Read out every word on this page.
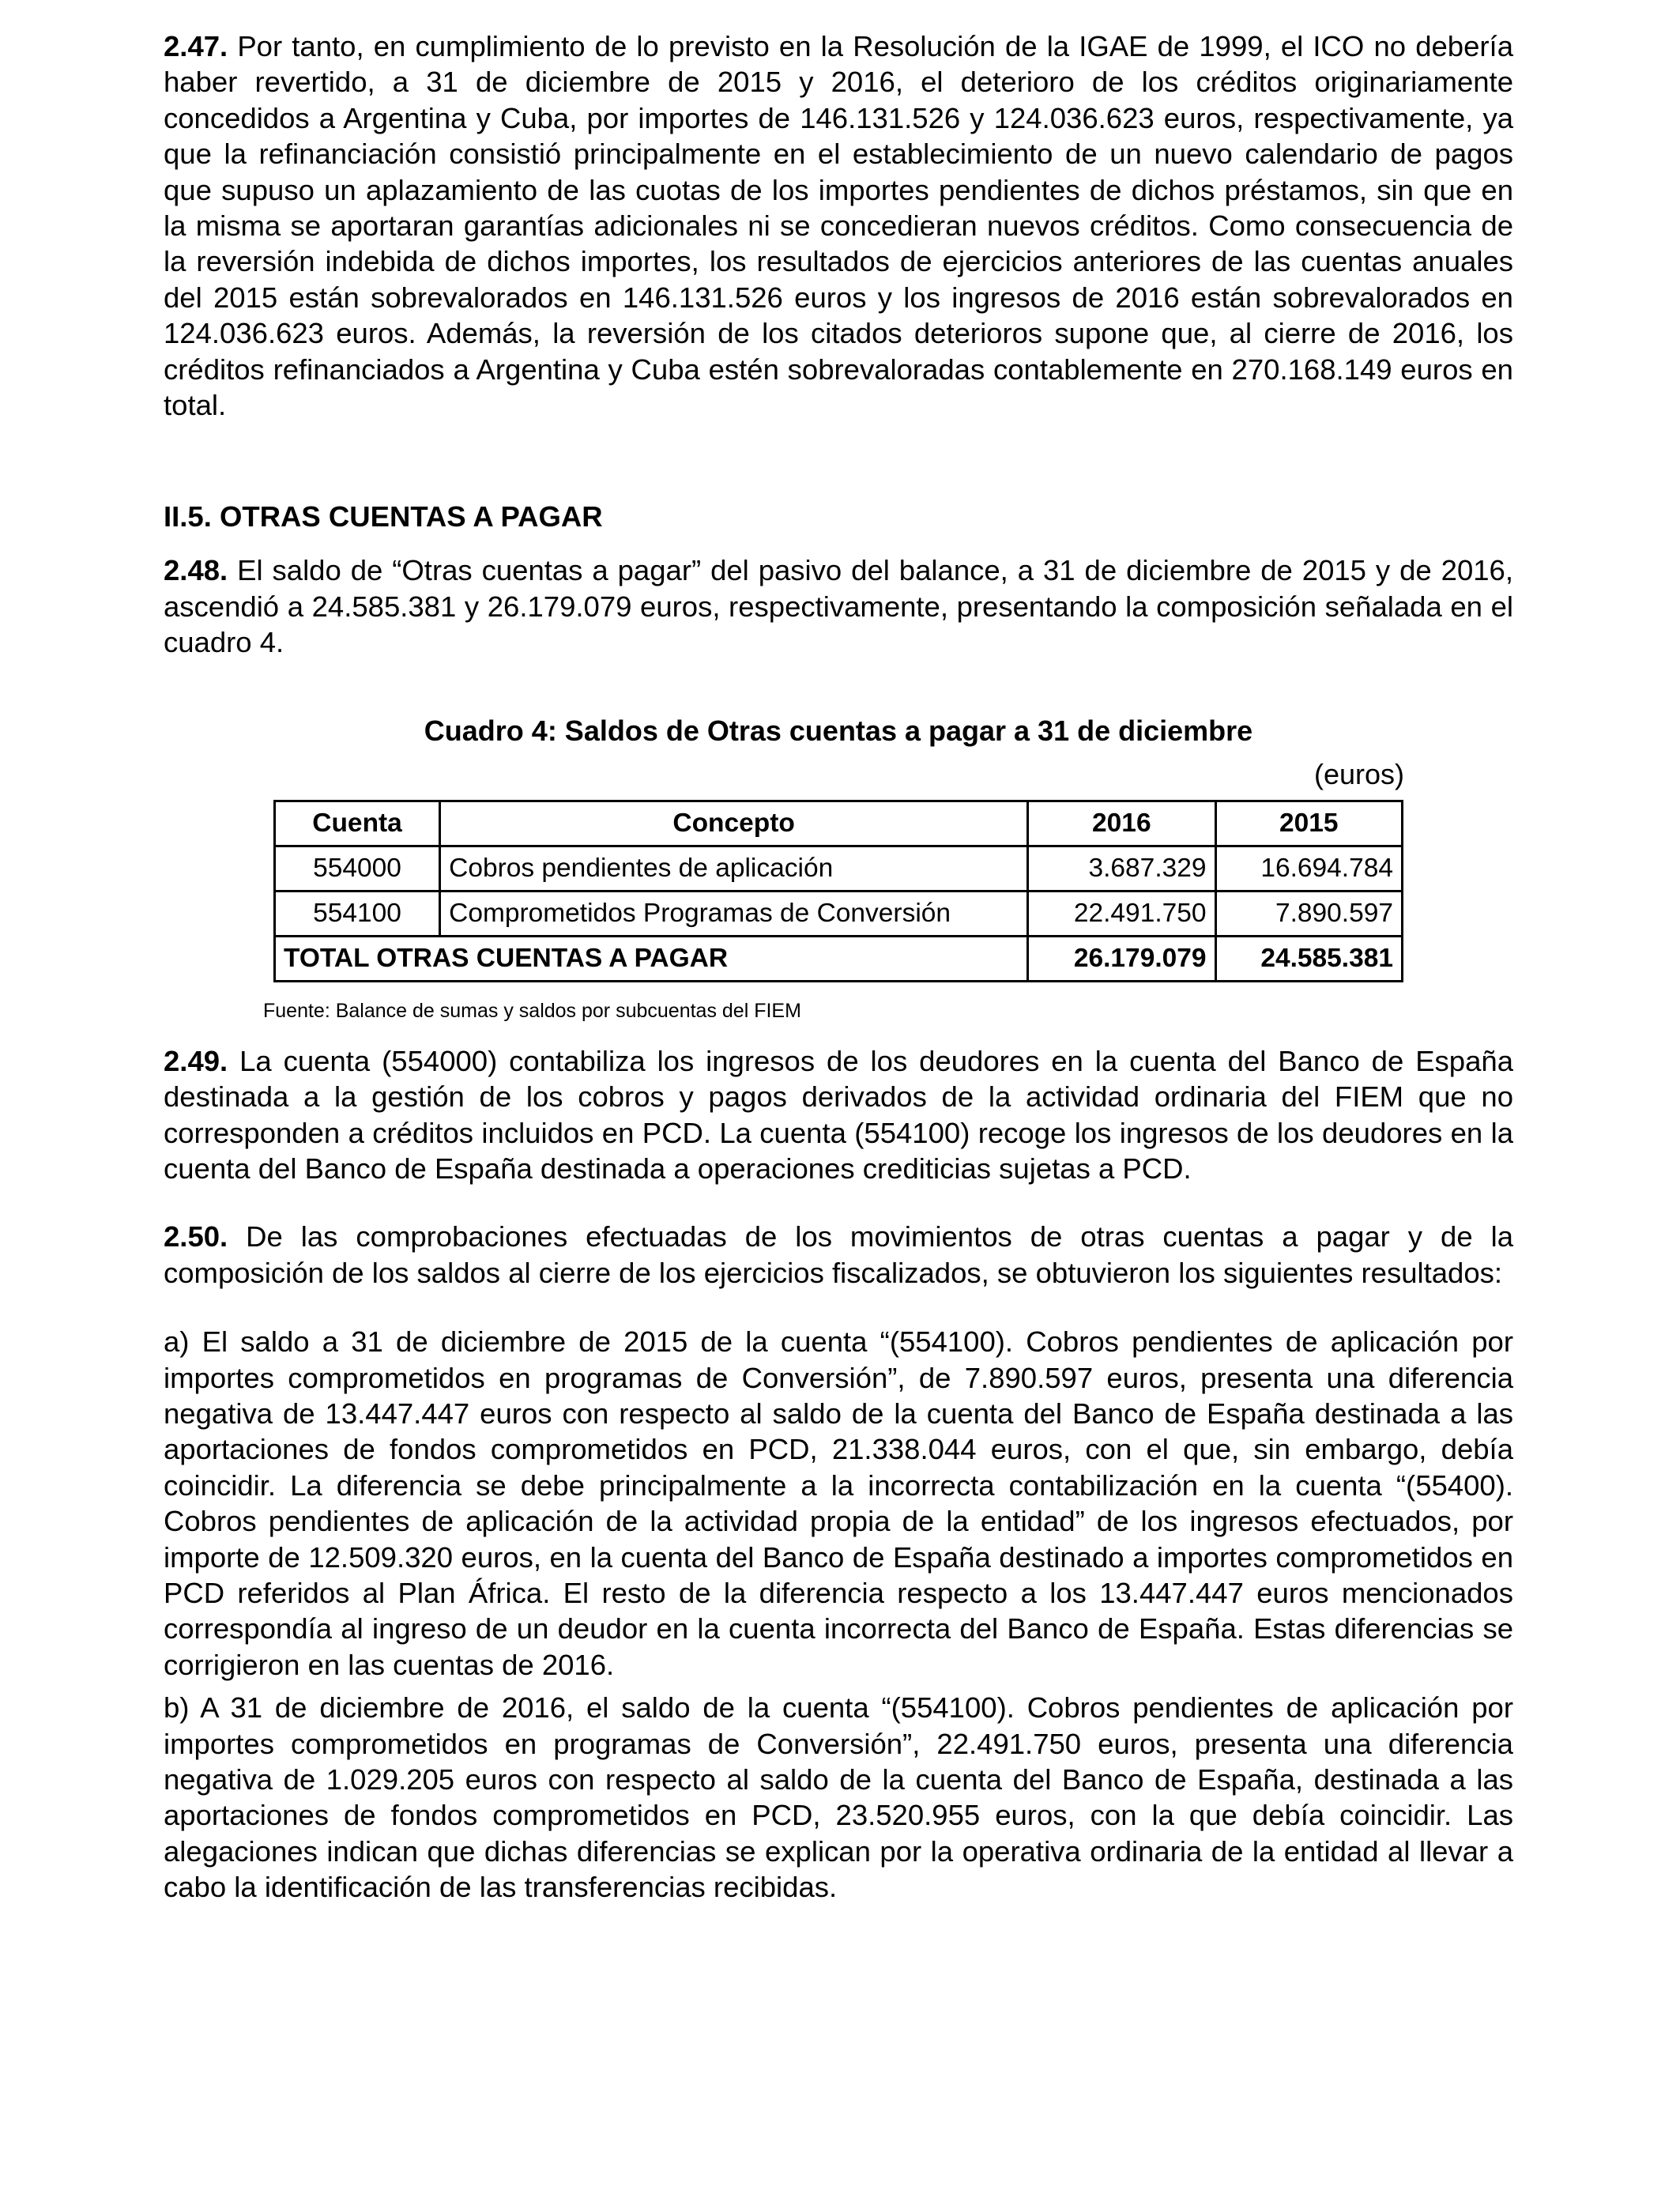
2.47. Por tanto, en cumplimiento de lo previsto en la Resolución de la IGAE de 1999, el ICO no debería haber revertido, a 31 de diciembre de 2015 y 2016, el deterioro de los créditos originariamente concedidos a Argentina y Cuba, por importes de 146.131.526 y 124.036.623 euros, respectivamente, ya que la refinanciación consistió principalmente en el establecimiento de un nuevo calendario de pagos que supuso un aplazamiento de las cuotas de los importes pendientes de dichos préstamos, sin que en la misma se aportaran garantías adicionales ni se concedieran nuevos créditos. Como consecuencia de la reversión indebida de dichos importes, los resultados de ejercicios anteriores de las cuentas anuales del 2015 están sobrevalorados en 146.131.526 euros y los ingresos de 2016 están sobrevalorados en 124.036.623 euros. Además, la reversión de los citados deterioros supone que, al cierre de 2016, los créditos refinanciados a Argentina y Cuba estén sobrevaloradas contablemente en 270.168.149 euros en total.

II.5. OTRAS CUENTAS A PAGAR

2.48. El saldo de “Otras cuentas a pagar” del pasivo del balance, a 31 de diciembre de 2015 y de 2016, ascendió a 24.585.381 y 26.179.079 euros, respectivamente, presentando la composición señalada en el cuadro 4.

Cuadro 4: Saldos de Otras cuentas a pagar a 31 de diciembre

(euros)

Cuenta	Concepto	2016	2015
554000	Cobros pendientes de aplicación	3.687.329	16.694.784
554100	Comprometidos Programas de Conversión	22.491.750	7.890.597
TOTAL OTRAS CUENTAS A PAGAR		26.179.079	24.585.381

Fuente: Balance de sumas y saldos por subcuentas del FIEM

2.49. La cuenta (554000) contabiliza los ingresos de los deudores en la cuenta del Banco de España destinada a la gestión de los cobros y pagos derivados de la actividad ordinaria del FIEM que no corresponden a créditos incluidos en PCD. La cuenta (554100) recoge los ingresos de los deudores en la cuenta del Banco de España destinada a operaciones crediticias sujetas a PCD.

2.50. De las comprobaciones efectuadas de los movimientos de otras cuentas a pagar y de la composición de los saldos al cierre de los ejercicios fiscalizados, se obtuvieron los siguientes resultados:

a) El saldo a 31 de diciembre de 2015 de la cuenta “(554100). Cobros pendientes de aplicación por importes comprometidos en programas de Conversión”, de 7.890.597 euros, presenta una diferencia negativa de 13.447.447 euros con respecto al saldo de la cuenta del Banco de España destinada a las aportaciones de fondos comprometidos en PCD, 21.338.044 euros, con el que, sin embargo, debía coincidir. La diferencia se debe principalmente a la incorrecta contabilización en la cuenta “(55400). Cobros pendientes de aplicación de la actividad propia de la entidad” de los ingresos efectuados, por importe de 12.509.320 euros, en la cuenta del Banco de España destinado a importes comprometidos en PCD referidos al Plan África. El resto de la diferencia respecto a los 13.447.447 euros mencionados correspondía al ingreso de un deudor en la cuenta incorrecta del Banco de España. Estas diferencias se corrigieron en las cuentas de 2016.

b) A 31 de diciembre de 2016, el saldo de la cuenta “(554100). Cobros pendientes de aplicación por importes comprometidos en programas de Conversión”, 22.491.750 euros, presenta una diferencia negativa de 1.029.205 euros con respecto al saldo de la cuenta del Banco de España, destinada a las aportaciones de fondos comprometidos en PCD, 23.520.955 euros, con la que debía coincidir. Las alegaciones indican que dichas diferencias se explican por la operativa ordinaria de la entidad al llevar a cabo la identificación de las transferencias recibidas.
